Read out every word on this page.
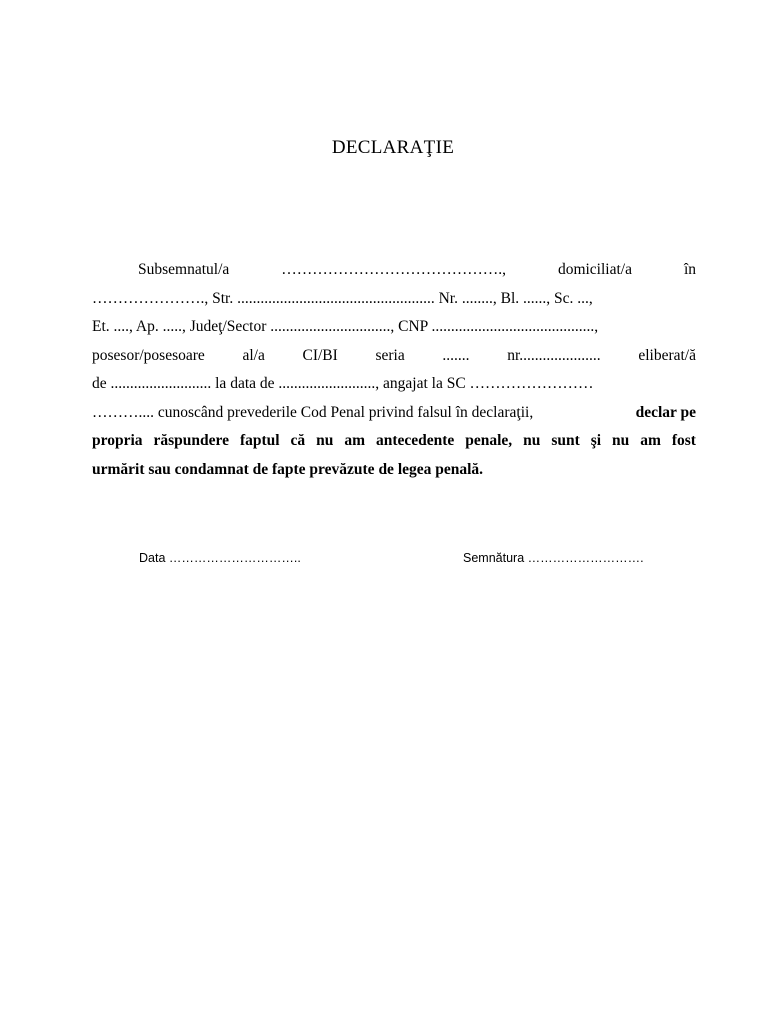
DECLARAŢIE
Subsemnatul/a	…………………………………….,	domiciliat/a	în
…………………., Str. ................................................... Nr. ........, Bl. ......, Sc. ...,
Et. ...., Ap. ....., Judeţ/Sector ..............................., CNP ..........................................,
posesor/posesoare al/a CI/BI seria ....... nr..................... eliberat/ă
de .......................... la data de ........................., angajat la SC ……………………
……….... cunoscând prevederile Cod Penal privind falsul în declaraţii,	declar pe
propria răspundere faptul că nu am antecedente penale, nu sunt şi nu am fost
urmărit sau condamnat de fapte prevăzute de legea penală.
Data …………………………..	Semnătura ……………………….
